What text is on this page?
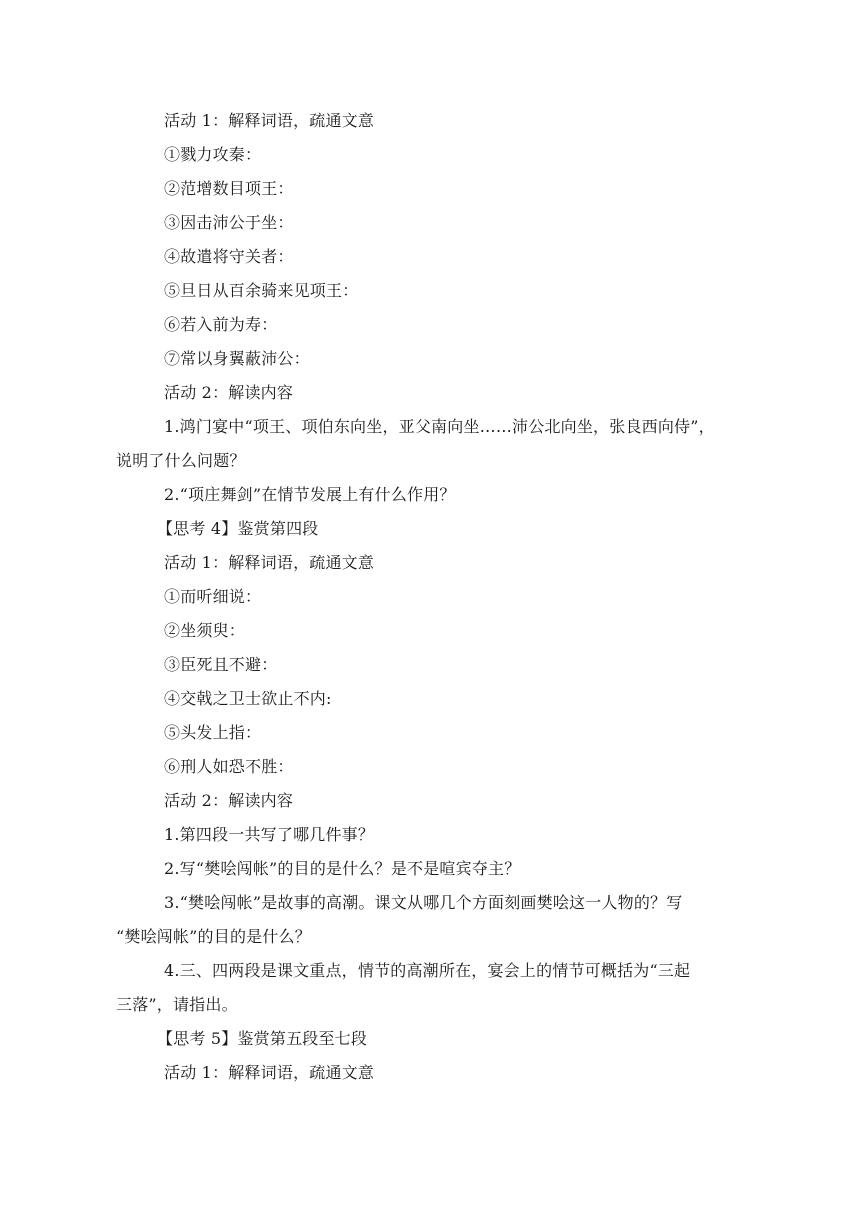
活动 1：解释词语，疏通文意
①戮力攻秦：
②范增数目项王：
③因击沛公于坐：
④故遣将守关者：
⑤旦日从百余骑来见项王：
⑥若入前为寿：
⑦常以身翼蔽沛公：
活动 2：解读内容
1.鸿门宴中“项王、项伯东向坐，亚父南向坐……沛公北向坐，张良西向侍”，
说明了什么问题？
2.“项庄舞剑”在情节发展上有什么作用？
【思考 4】鉴赏第四段
活动 1：解释词语，疏通文意
①而听细说：
②坐须臾：
③臣死且不避：
④交戟之卫士欲止不内:
⑤头发上指：
⑥刑人如恐不胜：
活动 2：解读内容
1.第四段一共写了哪几件事？
2.写“樊哙闯帐”的目的是什么？是不是喧宾夺主？
3.“樊哙闯帐”是故事的高潮。课文从哪几个方面刻画樊哙这一人物的？写
“樊哙闯帐”的目的是什么？
4.三、四两段是课文重点，情节的高潮所在，宴会上的情节可概括为“三起
三落”，请指出。
【思考 5】鉴赏第五段至七段
活动 1：解释词语，疏通文意
